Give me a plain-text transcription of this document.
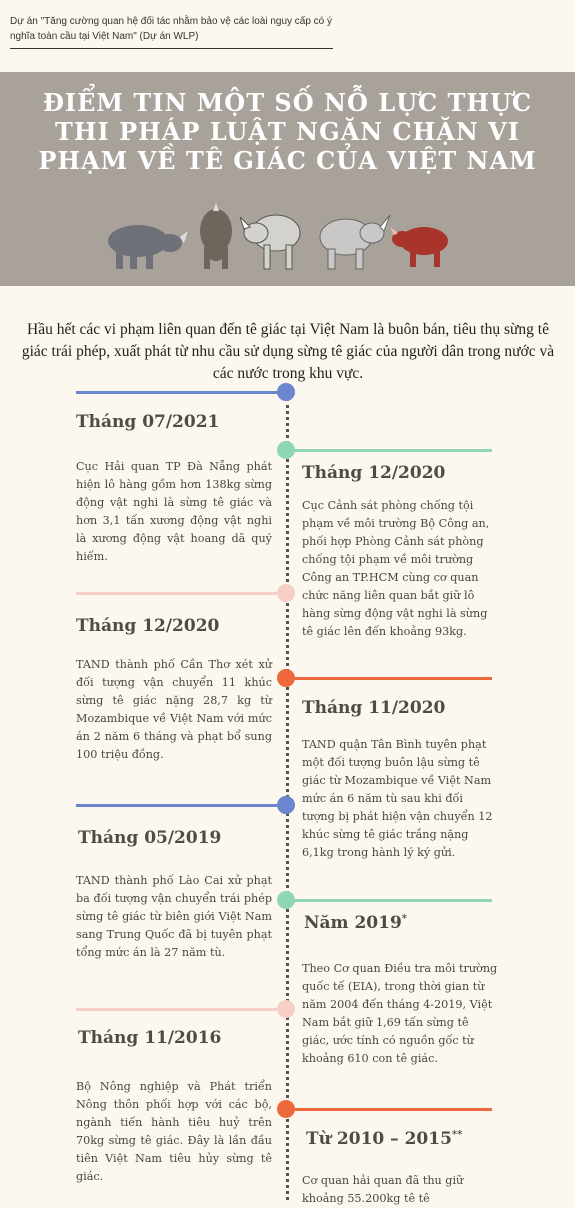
Dự án "Tăng cường quan hệ đối tác nhằm bảo vệ các loài nguy cấp có ý nghĩa toàn cầu tại Việt Nam" (Dự án WLP)
ĐIỂM TIN MỘT SỐ NỖ LỰC THỰC THI PHÁP LUẬT NGĂN CHẶN VI PHẠM VỀ TÊ GIÁC CỦA VIỆT NAM

Hầu hết các vi phạm liên quan đến tê giác tại Việt Nam là buôn bán, tiêu thụ sừng tê giác trái phép, xuất phát từ nhu cầu sử dụng sừng tê giác của người dân trong nước và các nước trong khu vực.

Tháng 07/2021
Cục Hải quan TP Đà Nẵng phát hiện lô hàng gồm hơn 138kg sừng động vật nghi là sừng tê giác và hơn 3,1 tấn xương động vật nghi là xương động vật hoang dã quý hiếm.
Tháng 12/2020
Cục Cảnh sát phòng chống tội phạm về môi trường Bộ Công an, phối hợp Phòng Cảnh sát phòng chống tội phạm về môi trường Công an TP.HCM cùng cơ quan chức năng liên quan bắt giữ lô hàng sừng động vật nghi là sừng tê giác lên đến khoảng 93kg.
Tháng 12/2020
TAND thành phố Cần Thơ xét xử đối tượng vận chuyển 11 khúc sừng tê giác nặng 28,7 kg từ Mozambique về Việt Nam với mức án 2 năm 6 tháng và phạt bổ sung 100 triệu đồng.
Tháng 11/2020
TAND quận Tân Bình tuyên phạt một đối tượng buôn lậu sừng tê giác từ Mozambique về Việt Nam mức án 6 năm tù sau khi đối tượng bị phát hiện vận chuyển 12 khúc sừng tê giác trắng nặng 6,1kg trong hành lý ký gửi.
Tháng 05/2019
TAND thành phố Lào Cai xử phạt ba đối tượng vận chuyển trái phép sừng tê giác từ biên giới Việt Nam sang Trung Quốc đã bị tuyên phạt tổng mức án là 27 năm tù.
Năm 2019*
Theo Cơ quan Điều tra môi trường quốc tế (EIA), trong thời gian từ năm 2004 đến tháng 4-2019, Việt Nam bắt giữ 1,69 tấn sừng tê giác, ước tính có nguồn gốc từ khoảng 610 con tê giác.
Tháng 11/2016
Bộ Nông nghiệp và Phát triển Nông thôn phối hợp với các bộ, ngành tiến hành tiêu huỷ trên 70kg sừng tê giác. Đây là lần đầu tiên Việt Nam tiêu hủy sừng tê giác.
Từ 2010 – 2015**
Cơ quan hải quan đã thu giữ khoảng 55.200kg tê tê
